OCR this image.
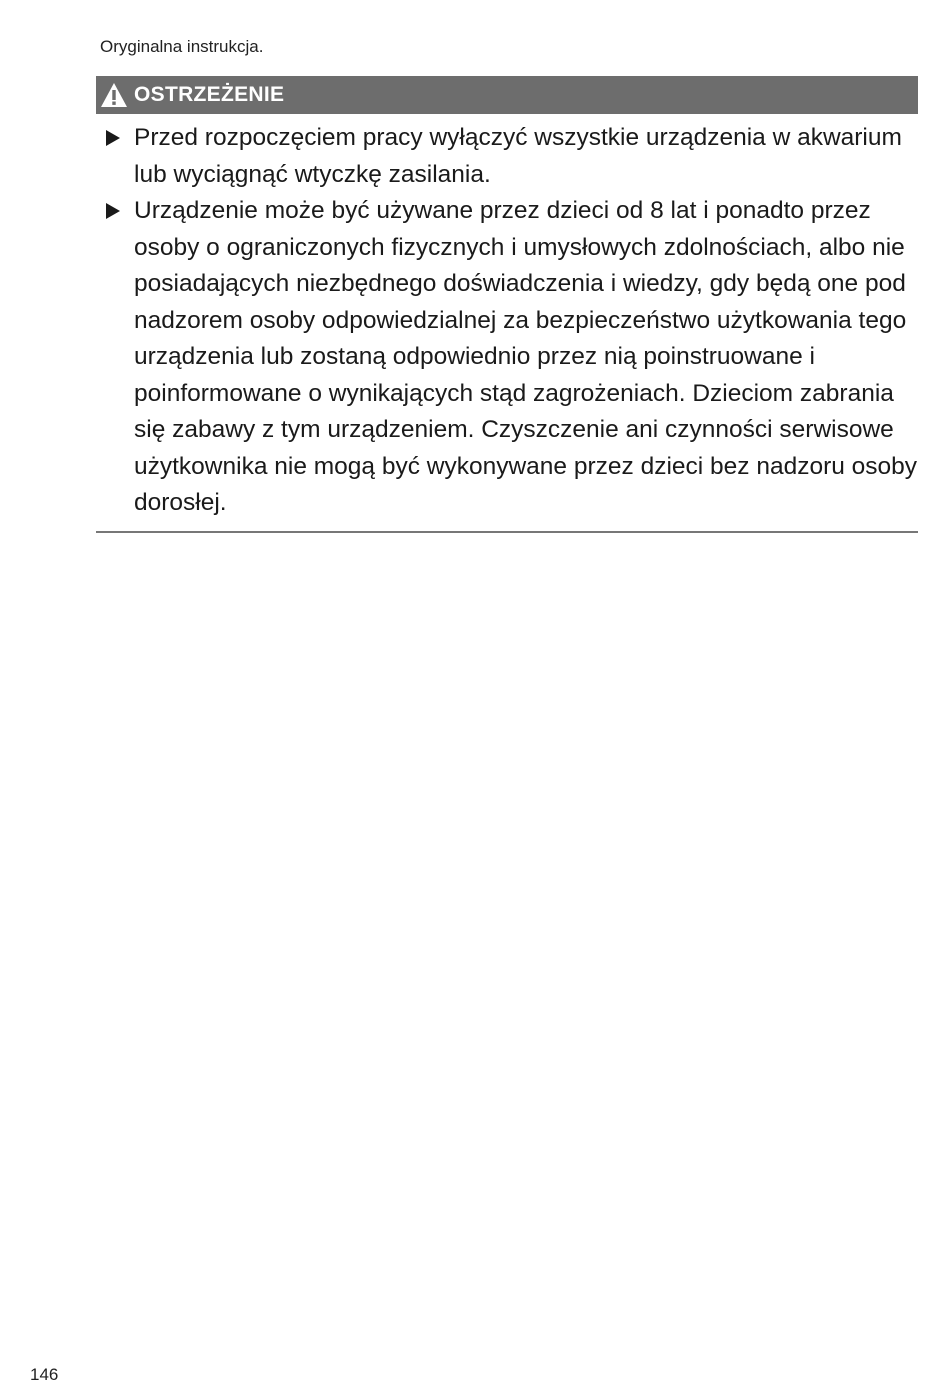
Oryginalna instrukcja.
OSTRZEŻENIE
Przed rozpoczęciem pracy wyłączyć wszystkie urządzenia w akwarium lub wyciągnąć wtyczkę zasilania.
Urządzenie może być używane przez dzieci od 8 lat i ponadto przez osoby o ograniczonych fizycznych i umysłowych zdolnościach, albo nie posiadających niezbędnego doświadczenia i wiedzy, gdy będą one pod nadzorem osoby odpowiedzialnej za bezpieczeństwo użytkowania tego urządzenia lub zostaną odpowiednio przez nią poinstruowane i poinformowane o wynikających stąd zagrożeniach. Dzieciom zabrania się zabawy z tym urządzeniem. Czyszczenie ani czynności serwisowe użytkownika nie mogą być wykonywane przez dzieci bez nadzoru osoby dorosłej.
146
